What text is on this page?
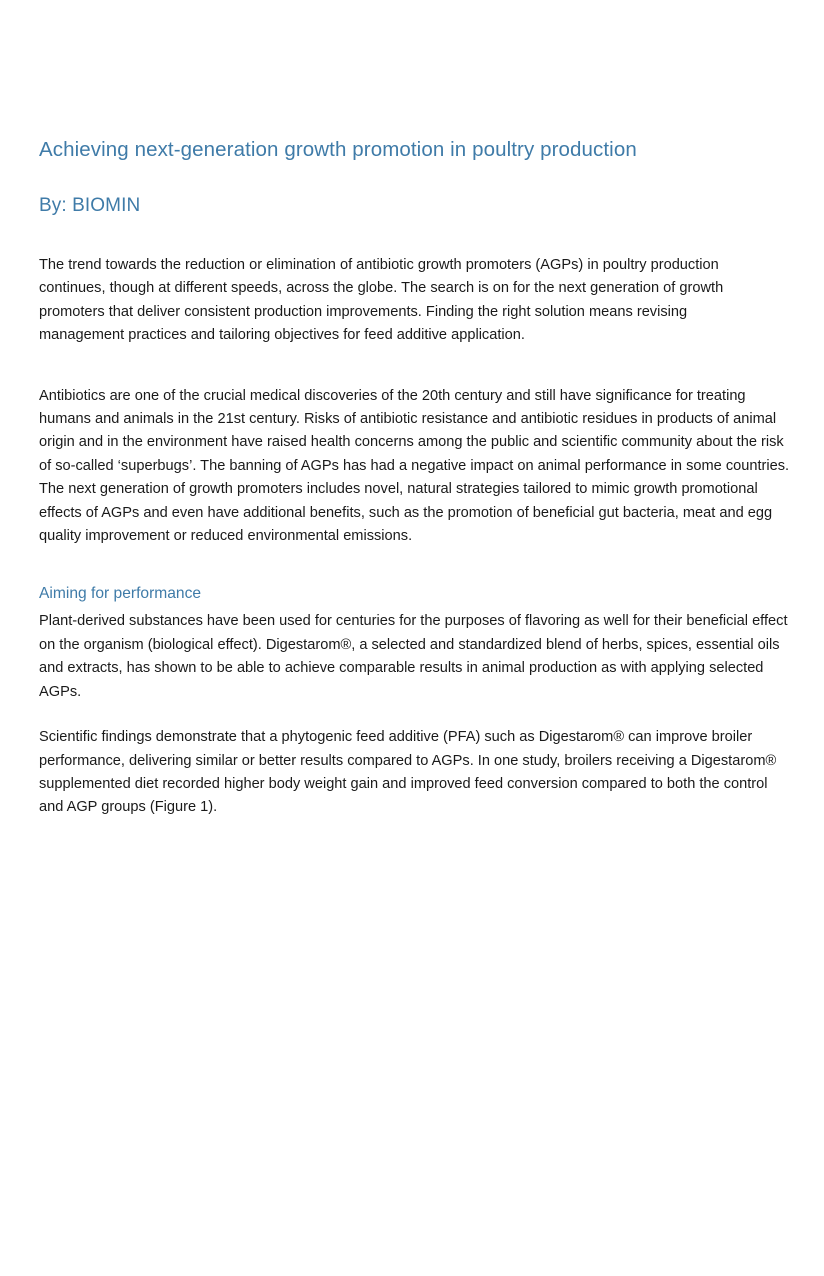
Achieving next-generation growth promotion in poultry production
By: BIOMIN

The trend towards the reduction or elimination of antibiotic growth promoters (AGPs) in poultry production continues, though at different speeds, across the globe. The search is on for the next generation of growth promoters that deliver consistent production improvements. Finding the right solution means revising management practices and tailoring objectives for feed additive application.

Antibiotics are one of the crucial medical discoveries of the 20th century and still have significance for treating humans and animals in the 21st century. Risks of antibiotic resistance and antibiotic residues in products of animal origin and in the environment have raised health concerns among the public and scientific community about the risk of so-called ‘superbugs’. The banning of AGPs has had a negative impact on animal performance in some countries. The next generation of growth promoters includes novel, natural strategies tailored to mimic growth promotional effects of AGPs and even have additional benefits, such as the promotion of beneficial gut bacteria, meat and egg quality improvement or reduced environmental emissions.

Aiming for performance

Plant-derived substances have been used for centuries for the purposes of flavoring as well for their beneficial effect on the organism (biological effect). Digestarom®, a selected and standardized blend of herbs, spices, essential oils and extracts, has shown to be able to achieve comparable results in animal production as with applying selected AGPs.

Scientific findings demonstrate that a phytogenic feed additive (PFA) such as Digestarom® can improve broiler performance, delivering similar or better results compared to AGPs. In one study, broilers receiving a Digestarom® supplemented diet recorded higher body weight gain and improved feed conversion compared to both the control and AGP groups (Figure 1).
